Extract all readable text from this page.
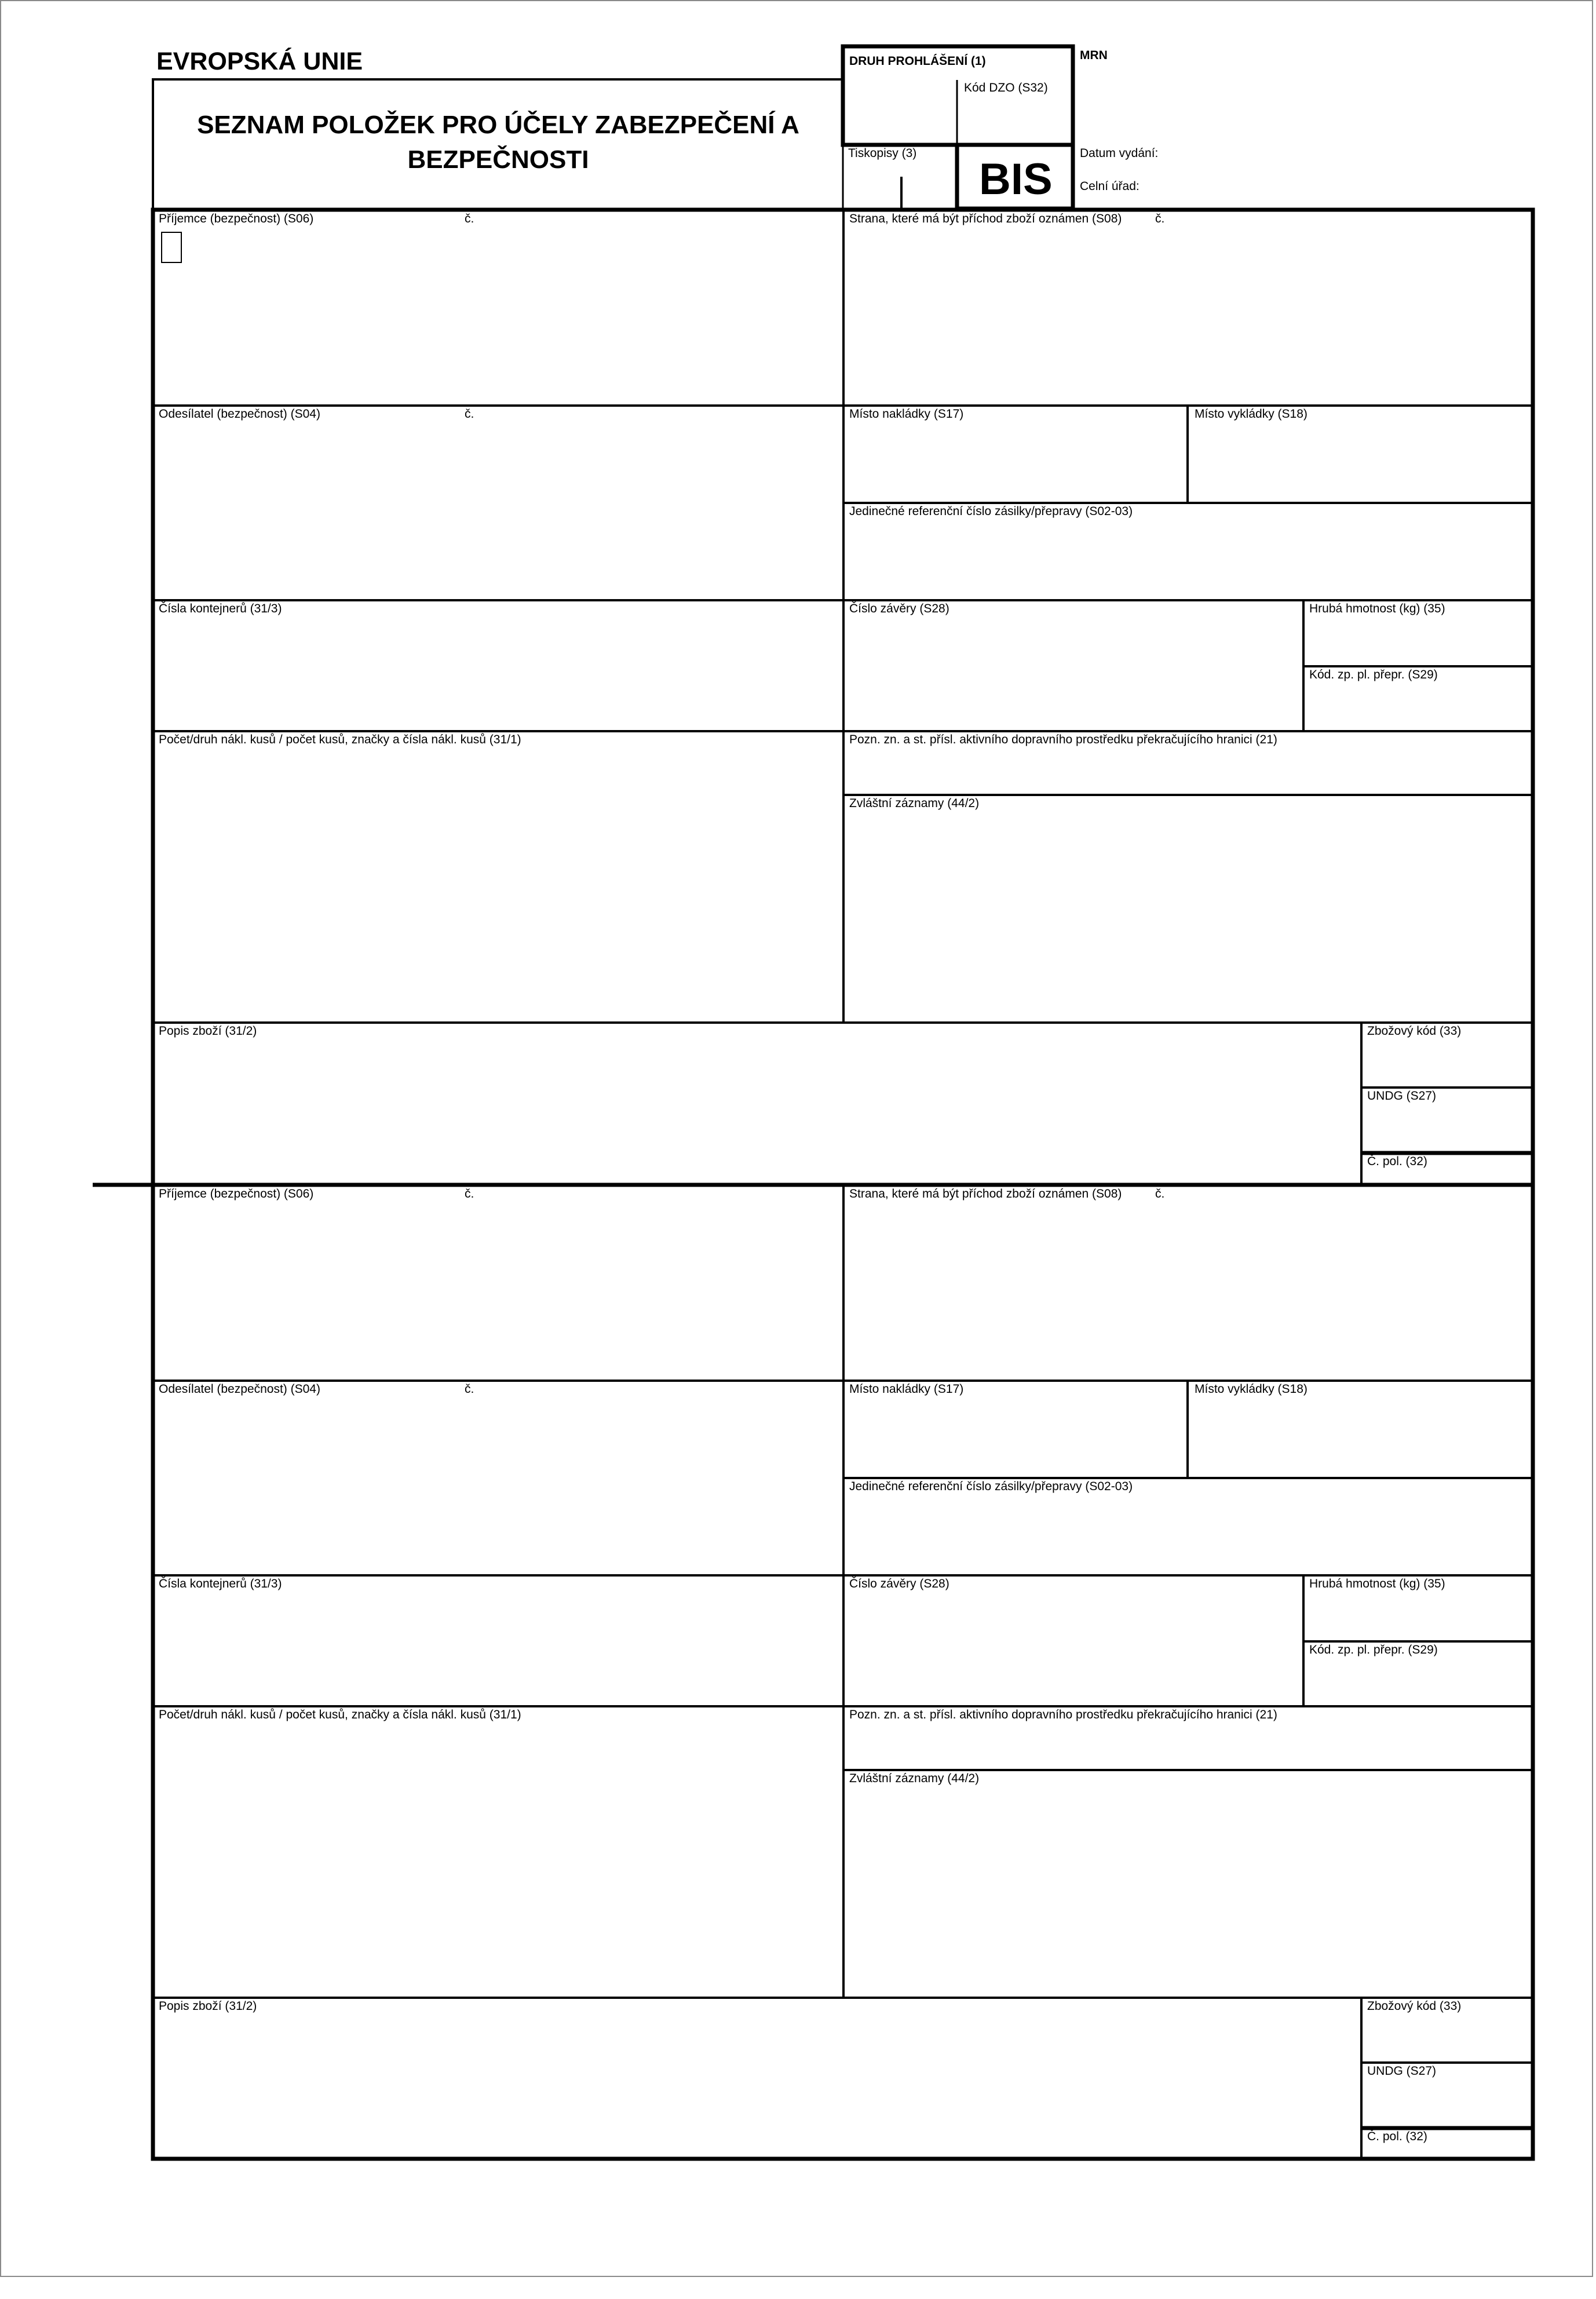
EVROPSKÁ UNIE
SEZNAM POLOŽEK PRO ÚČELY ZABEZPEČENÍ A
BEZPEČNOSTI
DRUH PROHLÁŠENÍ (1)
Kód DZO (S32)
Tiskopisy (3)
BIS
MRN
Datum vydání:
Celní úřad:
Příjemce (bezpečnost) (S06)	č.	Strana, které má být příchod zboží oznámen (S08)	č.
Odesílatel (bezpečnost) (S04)	č.	Místo nakládky (S17)	Místo vykládky (S18)
Jedinečné referenční číslo zásilky/přepravy (S02-03)
Čísla kontejnerů (31/3)	Číslo závěry (S28)	Hrubá hmotnost (kg) (35)
Kód. zp. pl. přepr. (S29)
Počet/druh nákl. kusů / počet kusů, značky a čísla nákl. kusů (31/1)	Pozn. zn. a st. přísl. aktivního dopravního prostředku překračujícího hranici (21)
Zvláštní záznamy (44/2)
Popis zboží (31/2)	Zbožový kód (33)
UNDG (S27)
Č. pol. (32)
Příjemce (bezpečnost) (S06)	č.	Strana, které má být příchod zboží oznámen (S08)	č.
Odesílatel (bezpečnost) (S04)	č.	Místo nakládky (S17)	Místo vykládky (S18)
Jedinečné referenční číslo zásilky/přepravy (S02-03)
Čísla kontejnerů (31/3)	Číslo závěry (S28)	Hrubá hmotnost (kg) (35)
Kód. zp. pl. přepr. (S29)
Počet/druh nákl. kusů / počet kusů, značky a čísla nákl. kusů (31/1)	Pozn. zn. a st. přísl. aktivního dopravního prostředku překračujícího hranici (21)
Zvláštní záznamy (44/2)
Popis zboží (31/2)	Zbožový kód (33)
UNDG (S27)
Č. pol. (32)
